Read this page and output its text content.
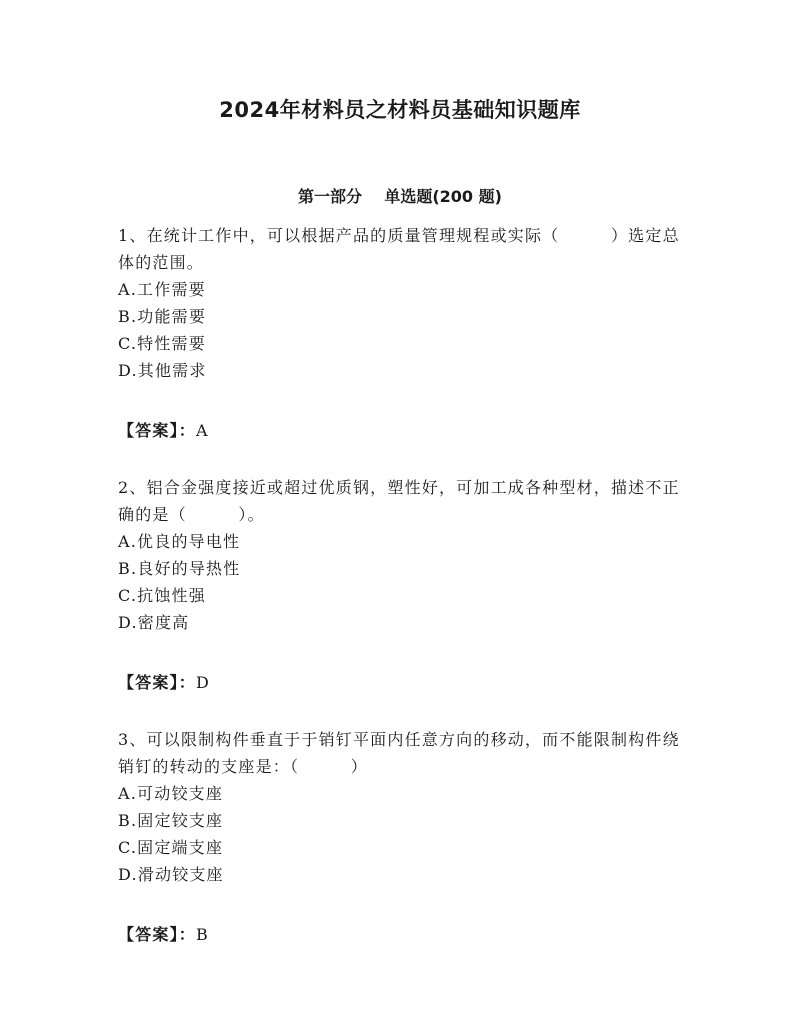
2024年材料员之材料员基础知识题库
第一部分    单选题(200 题)
1、在统计工作中，可以根据产品的质量管理规程或实际（　　　）选定总体的范围。
A.工作需要
B.功能需要
C.特性需要
D.其他需求
【答案】：A
2、铝合金强度接近或超过优质钢，塑性好，可加工成各种型材，描述不正确的是（　　　）。
A.优良的导电性
B.良好的导热性
C.抗蚀性强
D.密度高
【答案】：D
3、可以限制构件垂直于于销钉平面内任意方向的移动，而不能限制构件绕销钉的转动的支座是：（　　　）
A.可动铰支座
B.固定铰支座
C.固定端支座
D.滑动铰支座
【答案】：B
